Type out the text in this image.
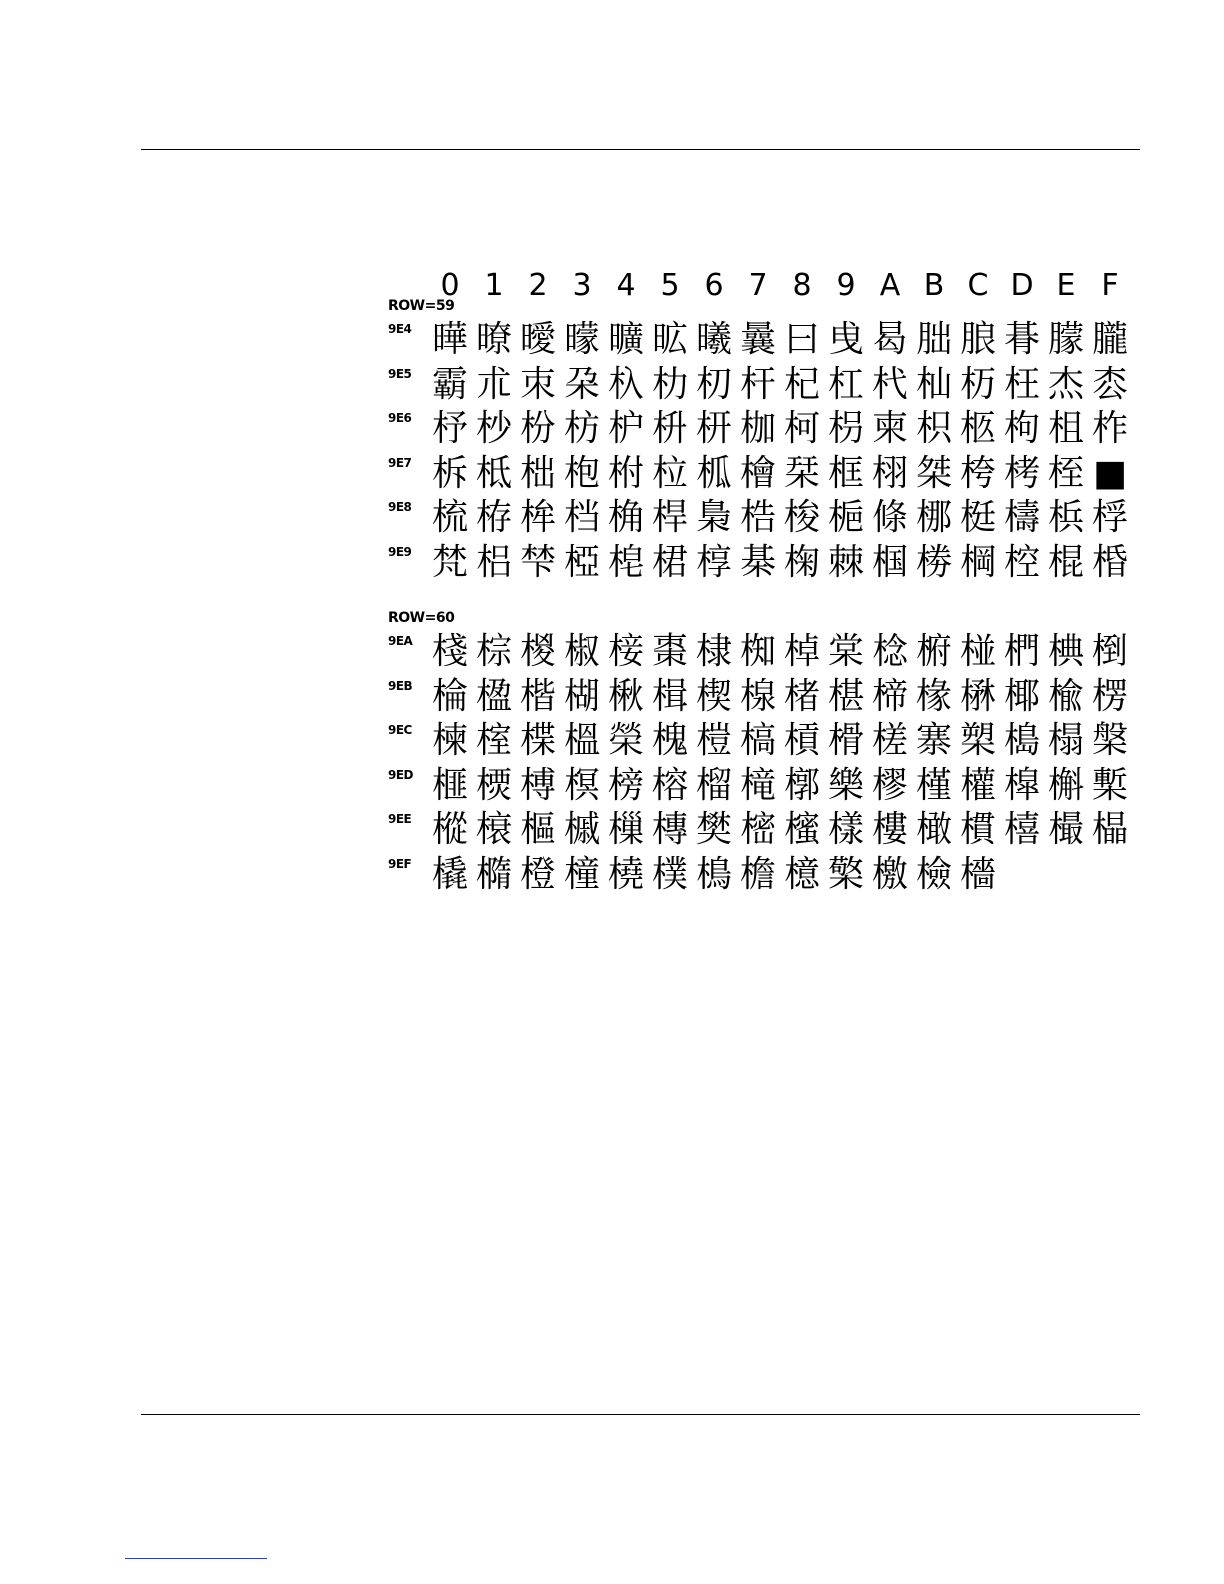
0 1 2 3 4 5 6 7 8 9 A B C D E F
ROW=59
9E4 曄 暸 曖 曚 曠 昿 曦 曩 曰 曵 曷 朏 朖 朞 朦 朧
9E5 霸 朮 朿 朶 杁 朸 朷 杆 杞 杠 杙 杣 杤 枉 杰 枩
9E6 杼 杪 枌 枋 枦 枡 枅 枷 柯 枴 柬 枳 柩 枸 柤 柞
9E7 柝 柢 柮 枹 柎 柆 柧 檜 栞 框 栩 桀 桍 栲 桎 ■
9E8 梳 栫 桙 档 桷 桿 梟 梏 梭 梔 條 梛 梃 檮 梹 桴
9E9 梵 梠 梺 椏 梍 桾 椁 棊 椈 棘 椢 椦 棡 椌 棍 棔
ROW=60
9EA 棧 棕 椶 椒 椄 棗 棣 椥 棹 棠 棯 椨 椪 椚 椣 椡
9EB 棆 楹 楷 楜 楸 楫 楔 楾 楮 椹 楴 椽 楙 椰 楡 楞
9EC 楝 榁 楪 榲 榮 槐 榿 槁 槓 榾 槎 寨 槊 槝 榻 槃
9ED 榧 樮 榑 榠 榜 榕 榴 槞 槨 樂 樛 槿 權 槹 槲 槧
9EE 樅 榱 樞 槭 樔 槫 樊 樒 櫁 樣 樓 橄 樌 橲 樶 橸
9EF 橇 橢 橙 橦 橈 樸 樢 檐 檍 檠 檄 檢 檣
